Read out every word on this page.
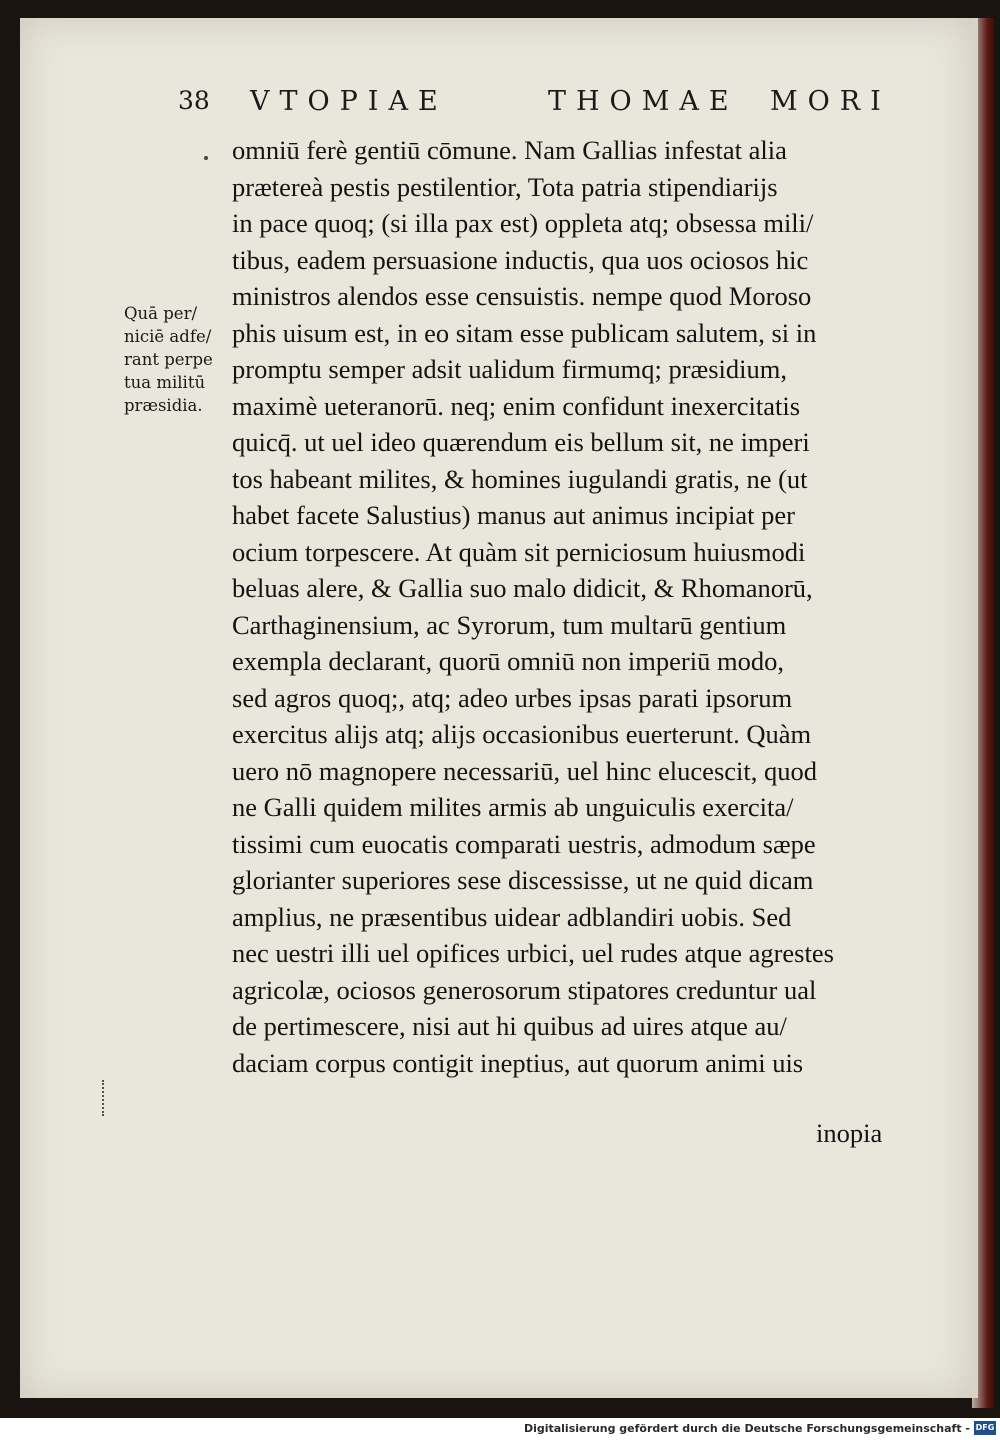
38 VTOPIAE	THOMAE MORI
Quā per/
niciē adfe/
rant perpe
tua militū
præsidia.
omniū ferè gentiū cōmune. Nam Gallias infestat alia
prætereà pestis pestilentior, Tota patria stipendiarijs
in pace quoq; (si illa pax est) oppleta atq; obsessa mili/
tibus, eadem persuasione inductis, qua uos ociosos hic
ministros alendos esse censuistis. nempe quod Moroso
phis uisum est, in eo sitam esse publicam salutem, si in
promptu semper adsit ualidum firmumq; præsidium,
maximè ueteranorū. neq; enim confidunt inexercitatis
quicq̄. ut uel ideo quærendum eis bellum sit, ne imperi
tos habeant milites, & homines iugulandi gratis, ne (ut
habet facete Salustius) manus aut animus incipiat per
ocium torpescere. At quàm sit perniciosum huiusmodi
beluas alere, & Gallia suo malo didicit, & Rhomanorū,
Carthaginensium, ac Syrorum, tum multarū gentium
exempla declarant, quorū omniū non imperiū modo,
sed agros quoq;, atq; adeo urbes ipsas parati ipsorum
exercitus alijs atq; alijs occasionibus euerterunt. Quàm
uero nō magnopere necessariū, uel hinc elucescit, quod
ne Galli quidem milites armis ab unguiculis exercita/
tissimi cum euocatis comparati uestris, admodum sæpe
glorianter superiores sese discessisse, ut ne quid dicam
amplius, ne præsentibus uidear adblandiri uobis. Sed
nec uestri illi uel opifices urbici, uel rudes atque agrestes
agricolæ, ociosos generosorum stipatores creduntur ual
de pertimescere, nisi aut hi quibus ad uires atque au/
daciam corpus contigit ineptius, aut quorum animi uis
inopia
Digitalisierung gefördert durch die Deutsche Forschungsgemeinschaft - DFG
